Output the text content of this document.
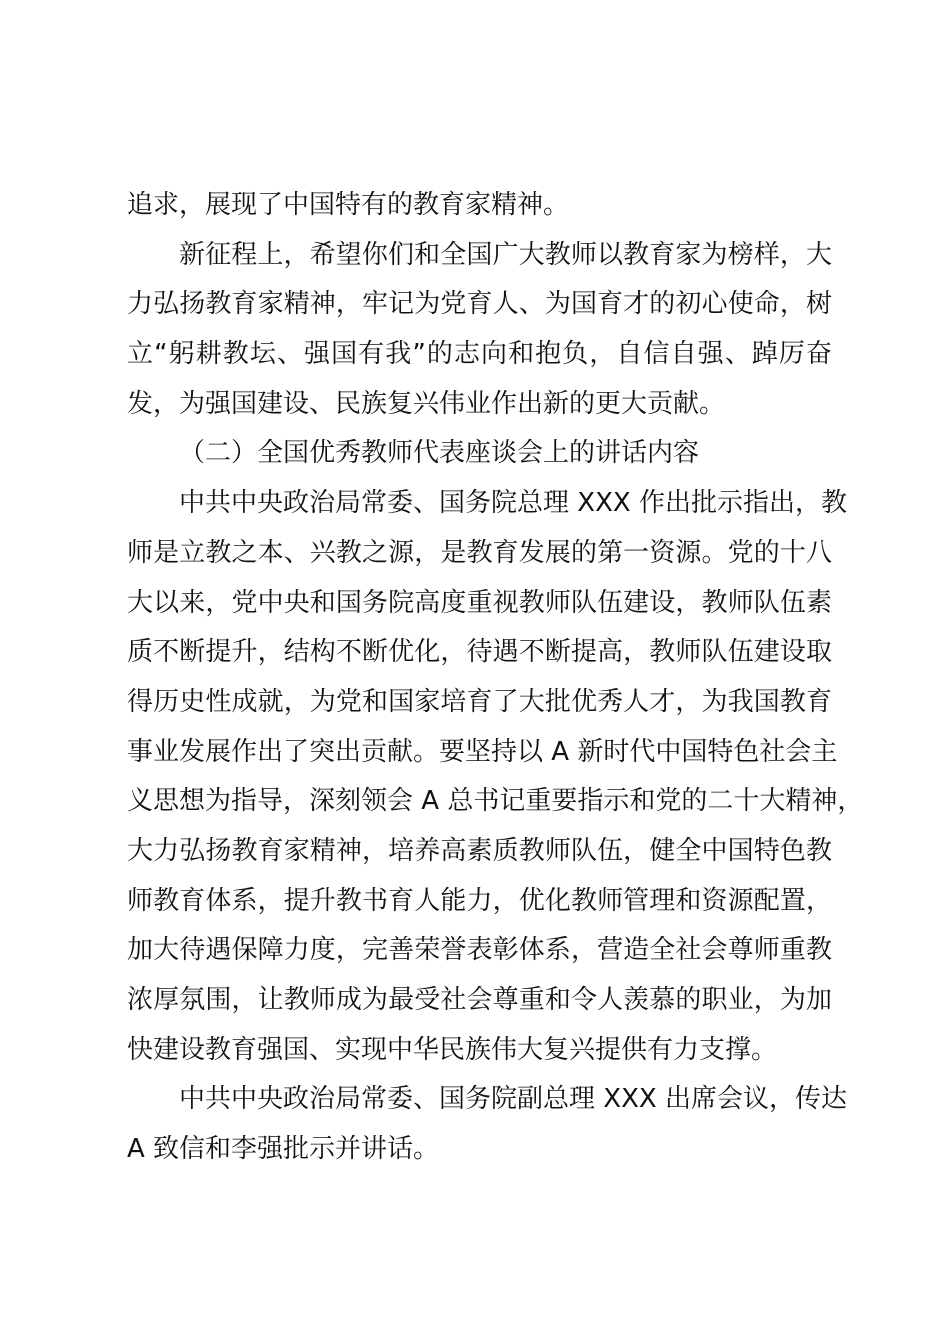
追求，展现了中国特有的教育家精神。
新征程上，希望你们和全国广大教师以教育家为榜样，大
力弘扬教育家精神，牢记为党育人、为国育才的初心使命，树
立“躬耕教坛、强国有我”的志向和抱负，自信自强、踔厉奋
发，为强国建设、民族复兴伟业作出新的更大贡献。
（二）全国优秀教师代表座谈会上的讲话内容
中共中央政治局常委、国务院总理 XXX 作出批示指出，教
师是立教之本、兴教之源，是教育发展的第一资源。党的十八
大以来，党中央和国务院高度重视教师队伍建设，教师队伍素
质不断提升，结构不断优化，待遇不断提高，教师队伍建设取
得历史性成就，为党和国家培育了大批优秀人才，为我国教育
事业发展作出了突出贡献。要坚持以 A 新时代中国特色社会主
义思想为指导，深刻领会 A 总书记重要指示和党的二十大精神，
大力弘扬教育家精神，培养高素质教师队伍，健全中国特色教
师教育体系，提升教书育人能力，优化教师管理和资源配置，
加大待遇保障力度，完善荣誉表彰体系，营造全社会尊师重教
浓厚氛围，让教师成为最受社会尊重和令人羡慕的职业，为加
快建设教育强国、实现中华民族伟大复兴提供有力支撑。
中共中央政治局常委、国务院副总理 XXX 出席会议，传达
A 致信和李强批示并讲话。
